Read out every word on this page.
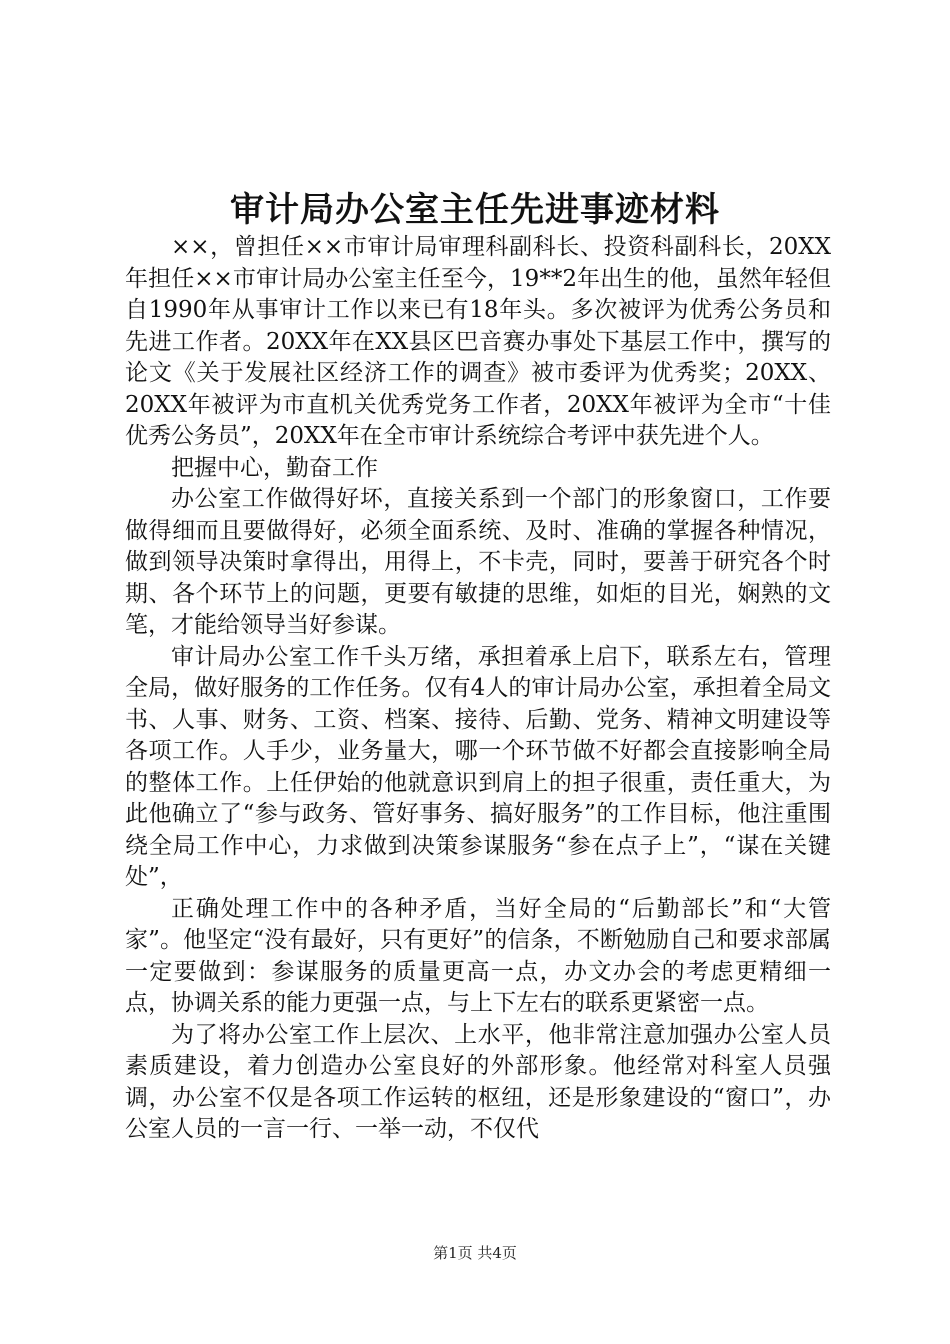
审计局办公室主任先进事迹材料

××，曾担任××市审计局审理科副科长、投资科副科长，20XX年担任××市审计局办公室主任至今，19**2年出生的他，虽然年轻但自1990年从事审计工作以来已有18年头。多次被评为优秀公务员和先进工作者。20XX年在XX县区巴音赛办事处下基层工作中，撰写的论文《关于发展社区经济工作的调查》被市委评为优秀奖；20XX、20XX年被评为市直机关优秀党务工作者，20XX年被评为全市“十佳优秀公务员”，20XX年在全市审计系统综合考评中获先进个人。

把握中心，勤奋工作

办公室工作做得好坏，直接关系到一个部门的形象窗口，工作要做得细而且要做得好，必须全面系统、及时、准确的掌握各种情况，做到领导决策时拿得出，用得上，不卡壳，同时，要善于研究各个时期、各个环节上的问题，更要有敏捷的思维，如炬的目光，娴熟的文笔，才能给领导当好参谋。

审计局办公室工作千头万绪，承担着承上启下，联系左右，管理全局，做好服务的工作任务。仅有4人的审计局办公室，承担着全局文书、人事、财务、工资、档案、接待、后勤、党务、精神文明建设等各项工作。人手少，业务量大，哪一个环节做不好都会直接影响全局的整体工作。上任伊始的他就意识到肩上的担子很重，责任重大，为此他确立了“参与政务、管好事务、搞好服务”的工作目标，他注重围绕全局工作中心，力求做到决策参谋服务“参在点子上”，“谋在关键处”，

正确处理工作中的各种矛盾，当好全局的“后勤部长”和“大管家”。他坚定“没有最好，只有更好”的信条，不断勉励自己和要求部属一定要做到：参谋服务的质量更高一点，办文办会的考虑更精细一点，协调关系的能力更强一点，与上下左右的联系更紧密一点。

为了将办公室工作上层次、上水平，他非常注意加强办公室人员素质建设，着力创造办公室良好的外部形象。他经常对科室人员强调，办公室不仅是各项工作运转的枢纽，还是形象建设的“窗口”，办公室人员的一言一行、一举一动，不仅代

第1页 共4页
